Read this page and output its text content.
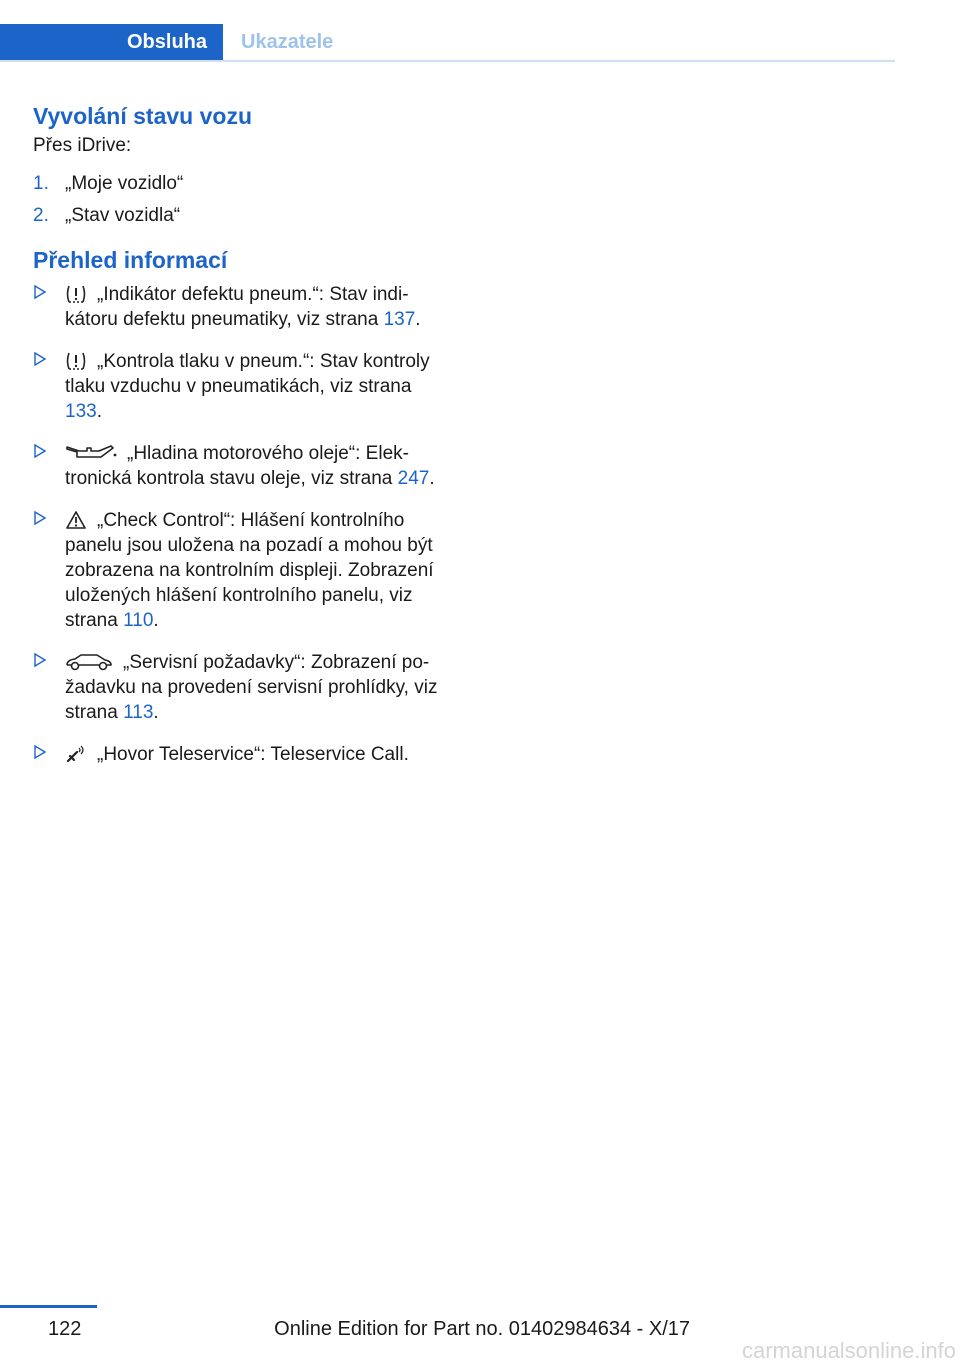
Obsluha	Ukazatele
Vyvolání stavu vozu

Přes iDrive:

1. „Moje vozidlo“
2. „Stav vozidla“
Přehled informací
„Indikátor defektu pneum.“: Stav indikátoru defektu pneumatiky, viz strana 137.
„Kontrola tlaku v pneum.“: Stav kontroly tlaku vzduchu v pneumatikách, viz strana 133.
„Hladina motorového oleje“: Elektronická kontrola stavu oleje, viz strana 247.
„Check Control“: Hlášení kontrolního panelu jsou uložena na pozadí a mohou být zobrazena na kontrolním displeji. Zobrazení uložených hlášení kontrolního panelu, viz strana 110.
„Servisní požadavky“: Zobrazení požadavku na provedení servisní prohlídky, viz strana 113.
„Hovor Teleservice“: Teleservice Call.
122	Online Edition for Part no. 01402984634 - X/17
carmanualsonline.info
